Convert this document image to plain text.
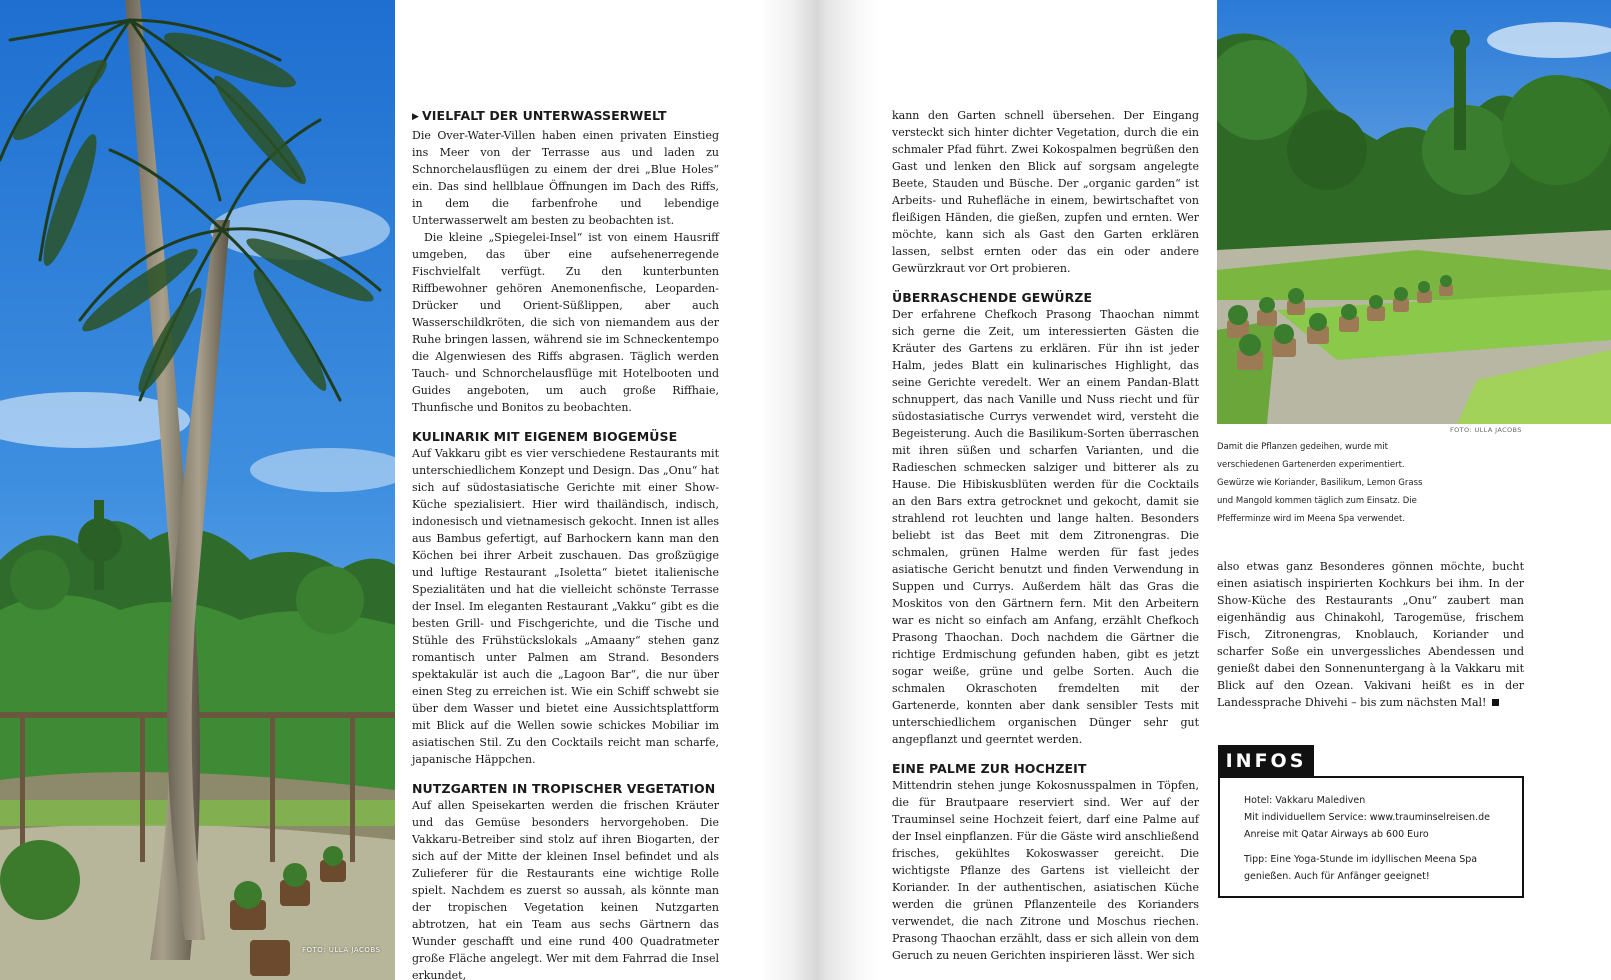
FOTO: ULLA JACOBS
▶ VIELFALT DER UNTERWASSERWELT

Die Over-Water-Villen haben einen privaten Einstieg ins Meer von der Terrasse aus und laden zu Schnorchelausflügen zu einem der drei „Blue Holes“ ein. Das sind hellblaue Öffnungen im Dach des Riffs, in dem die farbenfrohe und lebendige Unterwasserwelt am besten zu beobachten ist.

Die kleine „Spiegelei-Insel“ ist von einem Hausriff umgeben, das über eine aufsehenerregende Fischvielfalt verfügt. Zu den kunterbunten Riffbewohner gehören Anemonenfische, Leoparden-Drücker und Orient-Süßlippen, aber auch Wasserschildkröten, die sich von niemandem aus der Ruhe bringen lassen, während sie im Schneckentempo die Algenwiesen des Riffs abgrasen. Täglich werden Tauch- und Schnorchelausflüge mit Hotelbooten und Guides angeboten, um auch große Riffhaie, Thunfische und Bonitos zu beobachten.

KULINARIK MIT EIGENEM BIOGEMÜSE

Auf Vakkaru gibt es vier verschiedene Restaurants mit unterschiedlichem Konzept und Design. Das „Onu“ hat sich auf südostasiatische Gerichte mit einer Show-Küche spezialisiert. Hier wird thailändisch, indisch, indonesisch und vietnamesisch gekocht. Innen ist alles aus Bambus gefertigt, auf Barhockern kann man den Köchen bei ihrer Arbeit zuschauen. Das großzügige und luftige Restaurant „Isoletta“ bietet italienische Spezialitäten und hat die vielleicht schönste Terrasse der Insel. Im eleganten Restaurant „Vakku“ gibt es die besten Grill- und Fischgerichte, und die Tische und Stühle des Frühstückslokals „Amaany“ stehen ganz romantisch unter Palmen am Strand. Besonders spektakulär ist auch die „Lagoon Bar“, die nur über einen Steg zu erreichen ist. Wie ein Schiff schwebt sie über dem Wasser und bietet eine Aussichtsplattform mit Blick auf die Wellen sowie schickes Mobiliar im asiatischen Stil. Zu den Cocktails reicht man scharfe, japanische Häppchen.

NUTZGARTEN IN TROPISCHER VEGETATION

Auf allen Speisekarten werden die frischen Kräuter und das Gemüse besonders hervorgehoben. Die Vakkaru-Betreiber sind stolz auf ihren Biogarten, der sich auf der Mitte der kleinen Insel befindet und als Zulieferer für die Restaurants eine wichtige Rolle spielt. Nachdem es zuerst so aussah, als könnte man der tropischen Vegetation keinen Nutzgarten abtrotzen, hat ein Team aus sechs Gärtnern das Wunder geschafft und eine rund 400 Quadratmeter große Fläche angelegt. Wer mit dem Fahrrad die Insel erkundet,

kann den Garten schnell übersehen. Der Eingang versteckt sich hinter dichter Vegetation, durch die ein schmaler Pfad führt. Zwei Kokospalmen begrüßen den Gast und lenken den Blick auf sorgsam angelegte Beete, Stauden und Büsche. Der „organic garden“ ist Arbeits- und Ruhefläche in einem, bewirtschaftet von fleißigen Händen, die gießen, zupfen und ernten. Wer möchte, kann sich als Gast den Garten erklären lassen, selbst ernten oder das ein oder andere Gewürzkraut vor Ort probieren.

ÜBERRASCHENDE GEWÜRZE

Der erfahrene Chefkoch Prasong Thaochan nimmt sich gerne die Zeit, um interessierten Gästen die Kräuter des Gartens zu erklären. Für ihn ist jeder Halm, jedes Blatt ein kulinarisches Highlight, das seine Gerichte veredelt. Wer an einem Pandan-Blatt schnuppert, das nach Vanille und Nuss riecht und für südostasiatische Currys verwendet wird, versteht die Begeisterung. Auch die Basilikum-Sorten überraschen mit ihren süßen und scharfen Varianten, und die Radieschen schmecken salziger und bitterer als zu Hause. Die Hibiskusblüten werden für die Cocktails an den Bars extra getrocknet und gekocht, damit sie strahlend rot leuchten und lange halten. Besonders beliebt ist das Beet mit dem Zitronengras. Die schmalen, grünen Halme werden für fast jedes asiatische Gericht benutzt und finden Verwendung in Suppen und Currys. Außerdem hält das Gras die Moskitos von den Gärtnern fern. Mit den Arbeitern war es nicht so einfach am Anfang, erzählt Chefkoch Prasong Thaochan. Doch nachdem die Gärtner die richtige Erdmischung gefunden haben, gibt es jetzt sogar weiße, grüne und gelbe Sorten. Auch die schmalen Okraschoten fremdelten mit der Gartenerde, konnten aber dank sensibler Tests mit unterschiedlichem organischen Dünger sehr gut angepflanzt und geerntet werden.

EINE PALME ZUR HOCHZEIT

Mittendrin stehen junge Kokosnusspalmen in Töpfen, die für Brautpaare reserviert sind. Wer auf der Trauminsel seine Hochzeit feiert, darf eine Palme auf der Insel einpflanzen. Für die Gäste wird anschließend frisches, gekühltes Kokoswasser gereicht. Die wichtigste Pflanze des Gartens ist vielleicht der Koriander. In der authentischen, asiatischen Küche werden die grünen Pflanzenteile des Korianders verwendet, die nach Zitrone und Moschus riechen. Prasong Thaochan erzählt, dass er sich allein von dem Geruch zu neuen Gerichten inspirieren lässt. Wer sich

FOTO: ULLA JACOBS
Damit die Pflanzen gedeihen, wurde mit
verschiedenen Gartenerden experimentiert.
Gewürze wie Koriander, Basilikum, Lemon Grass
und Mangold kommen täglich zum Einsatz. Die
Pfefferminze wird im Meena Spa verwendet.

also etwas ganz Besonderes gönnen möchte, bucht einen asiatisch inspirierten Kochkurs bei ihm. In der Show-Küche des Restaurants „Onu“ zaubert man eigenhändig aus Chinakohl, Tarogemüse, frischem Fisch, Zitronengras, Knoblauch, Koriander und scharfer Soße ein unvergessliches Abendessen und genießt dabei den Sonnenuntergang à la Vakkaru mit Blick auf den Ozean. Vakivani heißt es in der Landessprache Dhivehi – bis zum nächsten Mal!

INFOS
Hotel: Vakkaru Malediven
Mit individuellem Service: www.trauminselreisen.de
Anreise mit Qatar Airways ab 600 Euro
Tipp: Eine Yoga-Stunde im idyllischen Meena Spa
genießen. Auch für Anfänger geeignet!
